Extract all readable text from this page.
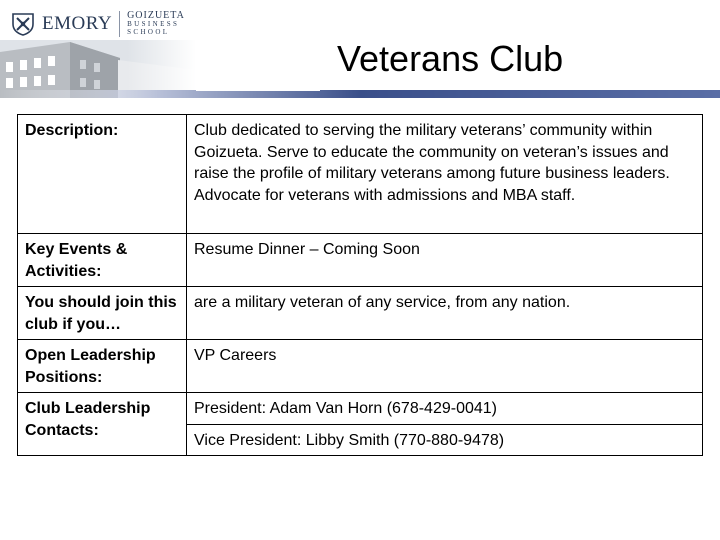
EMORY GOIZUETA
BUSINESS
SCHOOL
Veterans Club
Description:	Club dedicated to serving the military veterans’ community within Goizueta. Serve to educate the community on veteran’s issues and raise the profile of military veterans among future business leaders. Advocate for veterans with admissions and MBA staff.
Key Events & Activities:	Resume Dinner – Coming Soon
You should join this club if you…	are a military veteran of any service, from any nation.
Open Leadership Positions:	VP Careers
Club Leadership Contacts:	President: Adam Van Horn (678-429-0041)
	Vice President: Libby Smith (770-880-9478)
